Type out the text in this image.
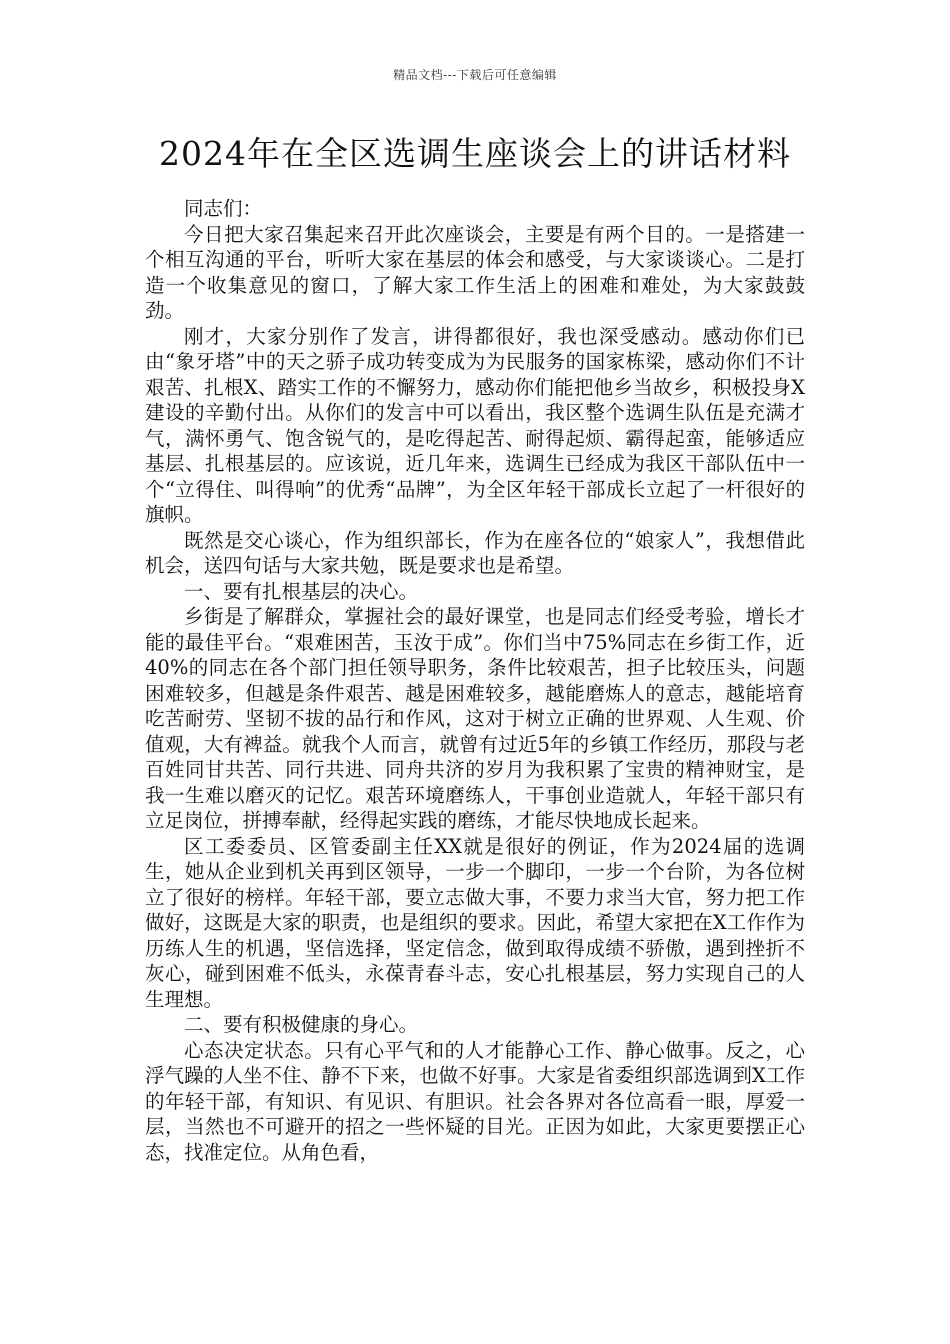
精品文档---下载后可任意编辑
2024年在全区选调生座谈会上的讲话材料

同志们：

今日把大家召集起来召开此次座谈会，主要是有两个目的。一是搭建一个相互沟通的平台，听听大家在基层的体会和感受，与大家谈谈心。二是打造一个收集意见的窗口，了解大家工作生活上的困难和难处，为大家鼓鼓劲。

刚才，大家分别作了发言，讲得都很好，我也深受感动。感动你们已由“象牙塔”中的天之骄子成功转变成为为民服务的国家栋梁，感动你们不计艰苦、扎根X、踏实工作的不懈努力，感动你们能把他乡当故乡，积极投身X建设的辛勤付出。从你们的发言中可以看出，我区整个选调生队伍是充满才气，满怀勇气、饱含锐气的，是吃得起苦、耐得起烦、霸得起蛮，能够适应基层、扎根基层的。应该说，近几年来，选调生已经成为我区干部队伍中一个“立得住、叫得响”的优秀“品牌”，为全区年轻干部成长立起了一杆很好的旗帜。

既然是交心谈心，作为组织部长，作为在座各位的“娘家人”，我想借此机会，送四句话与大家共勉，既是要求也是希望。

一、要有扎根基层的决心。

乡街是了解群众，掌握社会的最好课堂，也是同志们经受考验，增长才能的最佳平台。“艰难困苦，玉汝于成”。你们当中75%同志在乡街工作，近40%的同志在各个部门担任领导职务，条件比较艰苦，担子比较压头，问题困难较多，但越是条件艰苦、越是困难较多，越能磨炼人的意志，越能培育吃苦耐劳、坚韧不拔的品行和作风，这对于树立正确的世界观、人生观、价值观，大有裨益。就我个人而言，就曾有过近5年的乡镇工作经历，那段与老百姓同甘共苦、同行共进、同舟共济的岁月为我积累了宝贵的精神财宝，是我一生难以磨灭的记忆。艰苦环境磨练人，干事创业造就人，年轻干部只有立足岗位，拼搏奉献，经得起实践的磨练，才能尽快地成长起来。

区工委委员、区管委副主任XX就是很好的例证，作为2024届的选调生，她从企业到机关再到区领导，一步一个脚印，一步一个台阶，为各位树立了很好的榜样。年轻干部，要立志做大事，不要力求当大官，努力把工作做好，这既是大家的职责，也是组织的要求。因此，希望大家把在X工作作为历练人生的机遇，坚信选择，坚定信念，做到取得成绩不骄傲，遇到挫折不灰心，碰到困难不低头，永葆青春斗志，安心扎根基层，努力实现自己的人生理想。

二、要有积极健康的身心。

心态决定状态。只有心平气和的人才能静心工作、静心做事。反之，心浮气躁的人坐不住、静不下来，也做不好事。大家是省委组织部选调到X工作的年轻干部，有知识、有见识、有胆识。社会各界对各位高看一眼，厚爱一层，当然也不可避开的招之一些怀疑的目光。正因为如此，大家更要摆正心态，找准定位。从角色看，
